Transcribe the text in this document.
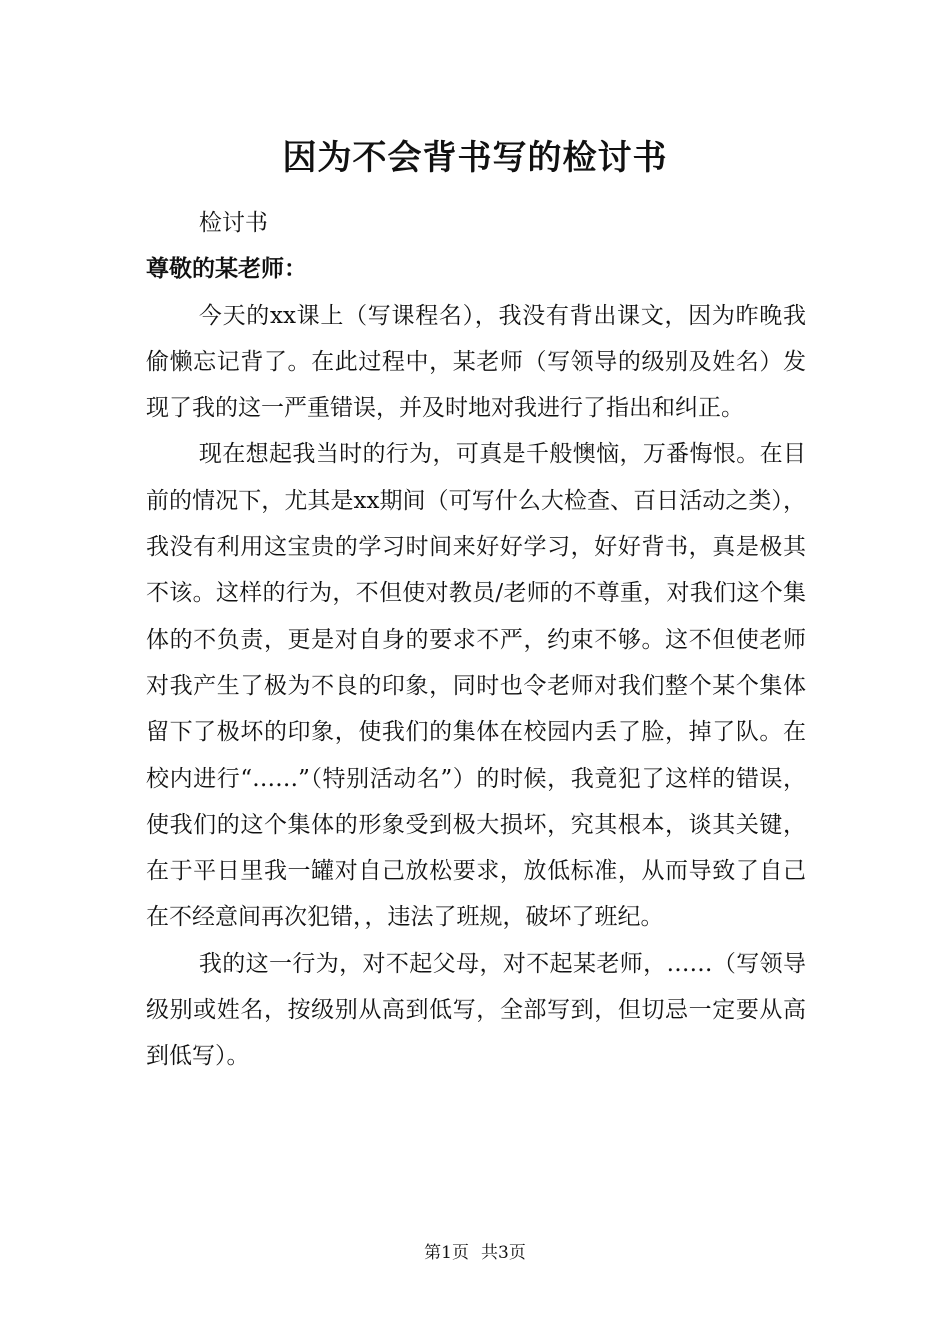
因为不会背书写的检讨书

检讨书

尊敬的某老师：

今天的xx课上（写课程名），我没有背出课文，因为昨晚我偷懒忘记背了。在此过程中，某老师（写领导的级别及姓名）发现了我的这一严重错误，并及时地对我进行了指出和纠正。

现在想起我当时的行为，可真是千般懊恼，万番悔恨。在目前的情况下，尤其是xx期间（可写什么大检查、百日活动之类），我没有利用这宝贵的学习时间来好好学习，好好背书，真是极其不该。这样的行为，不但使对教员/老师的不尊重，对我们这个集体的不负责，更是对自身的要求不严，约束不够。这不但使老师对我产生了极为不良的印象，同时也令老师对我们整个某个集体留下了极坏的印象，使我们的集体在校园内丢了脸，掉了队。在校内进行“……”（特别活动名”）的时候，我竟犯了这样的错误，使我们的这个集体的形象受到极大损坏，究其根本，谈其关键，在于平日里我一罐对自己放松要求，放低标准，从而导致了自己在不经意间再次犯错，，违法了班规，破坏了班纪。

我的这一行为，对不起父母，对不起某老师，……（写领导级别或姓名，按级别从高到低写，全部写到，但切忌一定要从高到低写）。

第1页 共3页
